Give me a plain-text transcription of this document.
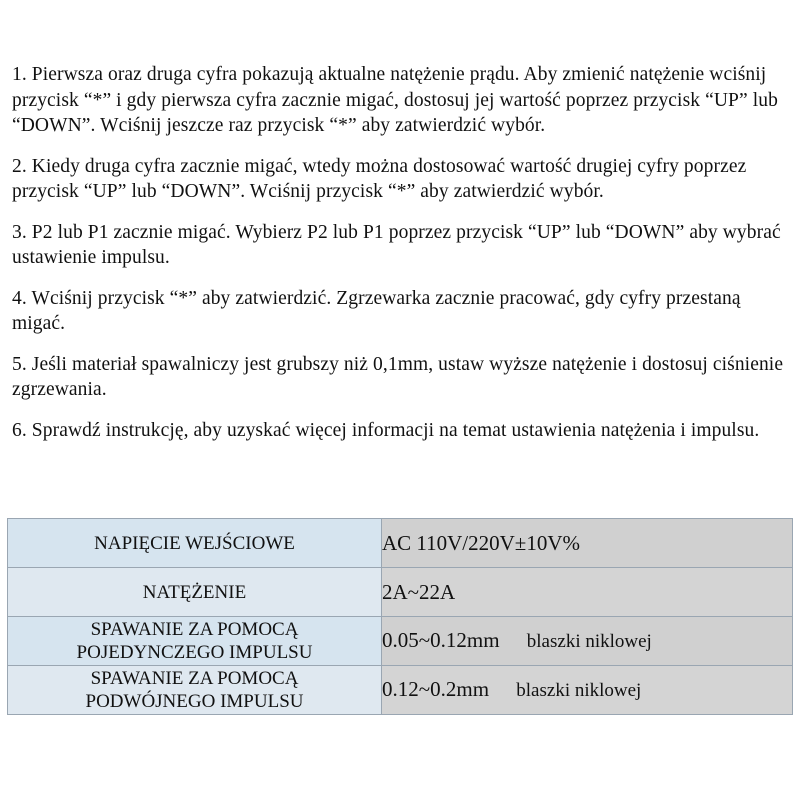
1. Pierwsza oraz druga cyfra pokazują aktualne natężenie prądu. Aby zmienić natężenie wciśnij przycisk “*” i gdy pierwsza cyfra zacznie migać, dostosuj jej wartość poprzez przycisk “UP” lub “DOWN”. Wciśnij jeszcze raz przycisk “*” aby zatwierdzić wybór.

2. Kiedy druga cyfra zacznie migać, wtedy można dostosować wartość drugiej cyfry poprzez przycisk “UP” lub “DOWN”. Wciśnij przycisk “*” aby zatwierdzić wybór.

3. P2 lub P1 zacznie migać. Wybierz P2 lub P1 poprzez przycisk “UP” lub “DOWN” aby wybrać ustawienie impulsu.

4. Wciśnij przycisk “*” aby zatwierdzić. Zgrzewarka zacznie pracować, gdy cyfry przestaną migać.

5. Jeśli materiał spawalniczy jest grubszy niż 0,1mm, ustaw wyższe natężenie i dostosuj ciśnienie zgrzewania.

6. Sprawdź instrukcję, aby uzyskać więcej informacji na temat ustawienia natężenia i impulsu.

NAPIĘCIE WEJŚCIOWE	AC 110V/220V±10V%

NATĘŻENIE	2A~22A

SPAWANIE ZA POMOCĄ
POJEDYNCZEGO IMPULSU	0.05~0.12mm blaszki niklowej

SPAWANIE ZA POMOCĄ
PODWÓJNEGO IMPULSU	0.12~0.2mm blaszki niklowej
